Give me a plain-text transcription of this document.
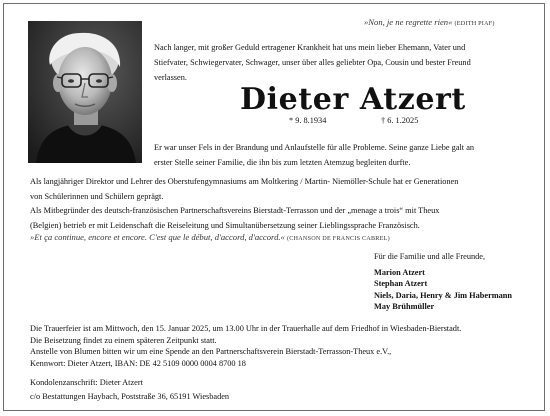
»Non, je ne regrette rien« (EDITH PIAF)
Nach langer, mit großer Geduld ertragener Krankheit hat uns mein lieber Ehemann, Vater und
Stiefvater, Schwiegervater, Schwager, unser über alles geliebter Opa, Cousin und bester Freund
verlassen.
Dieter Atzert
* 9. 8.1934	† 6. 1.2025
Er war unser Fels in der Brandung und Anlaufstelle für alle Probleme. Seine ganze Liebe galt an
erster Stelle seiner Familie, die ihn bis zum letzten Atemzug begleiten durfte.
Als langjähriger Direktor und Lehrer des Oberstufengymnasiums am Moltkering / Martin- Niemöller-Schule hat er Generationen
von Schülerinnen und Schülern geprägt.
Als Mitbegründer des deutsch-französischen Partnerschaftsvereins Bierstadt-Terrasson und der „menage a trois“ mit Theux
(Belgien) betrieb er mit Leidenschaft die Reiseleitung und Simultanübersetzung seiner Lieblingssprache Französisch.
»Et ça continue, encore et encore. C'est que le début, d'accord, d'accord.« (CHANSON DE FRANCIS CABREL)
Für die Familie und alle Freunde,
Marion Atzert
Stephan Atzert
Niels, Daria, Henry & Jim Habermann
May Brühmüller
Die Trauerfeier ist am Mittwoch, den 15. Januar 2025, um 13.00 Uhr in der Trauerhalle auf dem Friedhof in Wiesbaden-Bierstadt.
Die Beisetzung findet zu einem späteren Zeitpunkt statt.
Anstelle von Blumen bitten wir um eine Spende an den Partnerschaftsverein Bierstadt-Terrasson-Theux e.V.,
Kennwort: Dieter Atzert, IBAN: DE 42 5109 0000 0004 8700 18
Kondolenzanschrift: Dieter Atzert
c/o Bestattungen Haybach, Poststraße 36, 65191 Wiesbaden
